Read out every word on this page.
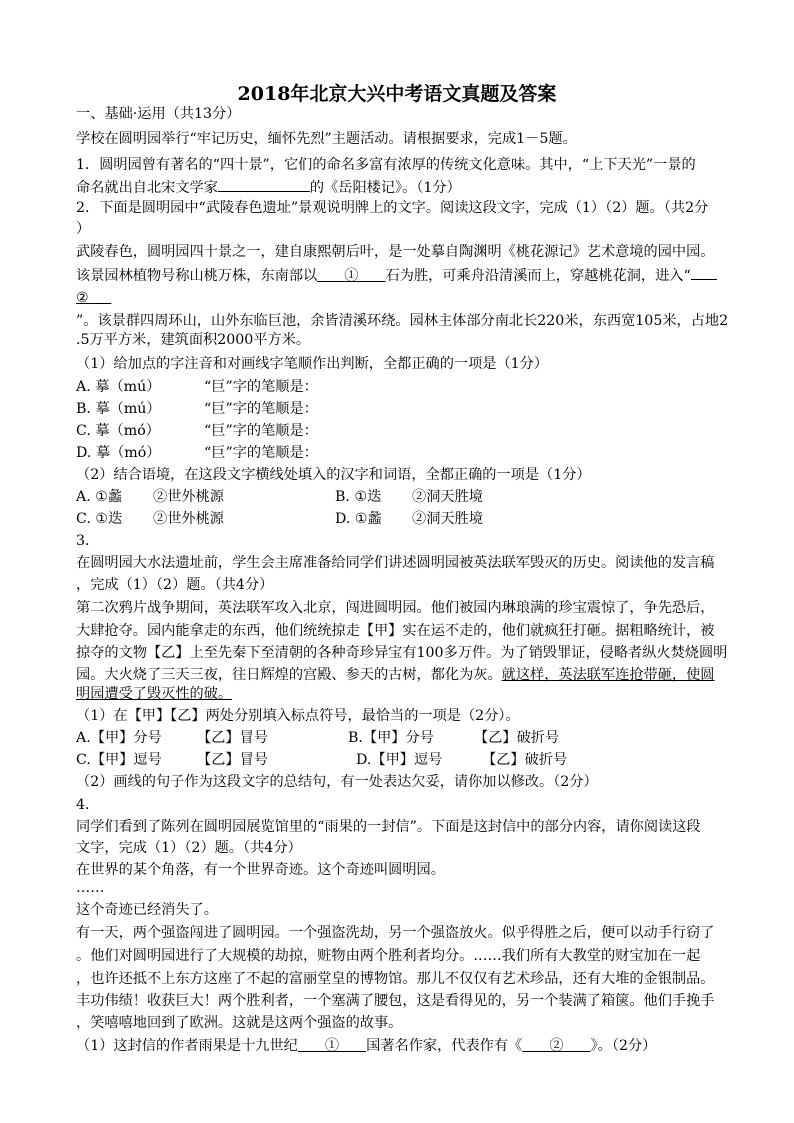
2018年北京大兴中考语文真题及答案
一、基础·运用（共13分）
学校在圆明园举行“牢记历史，缅怀先烈”主题活动。请根据要求，完成1－5题。
1．圆明园曾有著名的“四十景”，它们的命名多富有浓厚的传统文化意味。其中，“上下天光”一景的
命名就出自北宋文学家	的《岳阳楼记》。（1分）
2．下面是圆明园中“武陵春色遗址”景观说明牌上的文字。阅读这段文字，完成（1）（2）题。（共2分
）
武陵春色，圆明园四十景之一，建自康熙朝后叶，是一处摹自陶渊明《桃花源记》艺术意境的园中园。
该景园林植物号称山桃万株，东南部以 ① 石为胜，可乘舟沿清溪而上，穿越桃花洞，进入“
②
”。该景群四周环山，山外东临巨池，余皆清溪环绕。园林主体部分南北长220米，东西宽105米，占地2
.5万平方米，建筑面积2000平方米。
（1）给加点的字注音和对画线字笔顺作出判断，全都正确的一项是（1分）
A. 摹（mú）	“巨”字的笔顺是：
B. 摹（mú）	“巨”字的笔顺是：
C. 摹（mó）	“巨”字的笔顺是：
D. 摹（mó）	“巨”字的笔顺是：
（2）结合语境，在这段文字横线处填入的汉字和词语，全都正确的一项是（1分）
A. ①蠡 ②世外桃源	B. ①迭 ②洞天胜境
C. ①迭 ②世外桃源	D. ①蠡 ②洞天胜境
3．
在圆明园大水法遗址前，学生会主席准备给同学们讲述圆明园被英法联军毁灭的历史。阅读他的发言稿
，完成（1）（2）题。（共4分）
第二次鸦片战争期间，英法联军攻入北京，闯进圆明园。他们被园内琳琅满的珍宝震惊了，争先恐后，
大肆抢夺。园内能拿走的东西，他们统统掠走【甲】实在运不走的，他们就疯狂打砸。据粗略统计，被
掠夺的文物【乙】上至先秦下至清朝的各种奇珍异宝有100多万件。为了销毁罪证，侵略者纵火焚烧圆明
园。大火烧了三天三夜，往日辉煌的宫殿、参天的古树，都化为灰。就这样，英法联军连抢带砸，使圆
明园遭受了毁灭性的破。
（1）在【甲】【乙】两处分别填入标点符号，最恰当的一项是（2分）。
A.【甲】分号 【乙】冒号	B.【甲】分号	【乙】破折号
C.【甲】逗号 【乙】冒号	D.【甲】逗号	【乙】破折号
（2）画线的句子作为这段文字的总结句，有一处表达欠妥，请你加以修改。（2分）
4．
同学们看到了陈列在圆明园展览馆里的“雨果的一封信”。下面是这封信中的部分内容，请你阅读这段
文字，完成（1）（2）题。（共4分）
在世界的某个角落，有一个世界奇迹。这个奇迹叫圆明园。
……
这个奇迹已经消失了。
有一天，两个强盗闯进了圆明园。一个强盗洗劫，另一个强盗放火。似乎得胜之后，便可以动手行窃了
。他们对圆明园进行了大规模的劫掠，赃物由两个胜利者均分。……我们所有大教堂的财宝加在一起
，也许还抵不上东方这座了不起的富丽堂皇的博物馆。那儿不仅仅有艺术珍品，还有大堆的金银制品。
丰功伟绩！收获巨大！两个胜利者，一个塞满了腰包，这是看得见的，另一个装满了箱箧。他们手挽手
，笑嘻嘻地回到了欧洲。这就是这两个强盗的故事。
（1）这封信的作者雨果是十九世纪 ① 国著名作家，代表作有《 ② 》。（2分）
